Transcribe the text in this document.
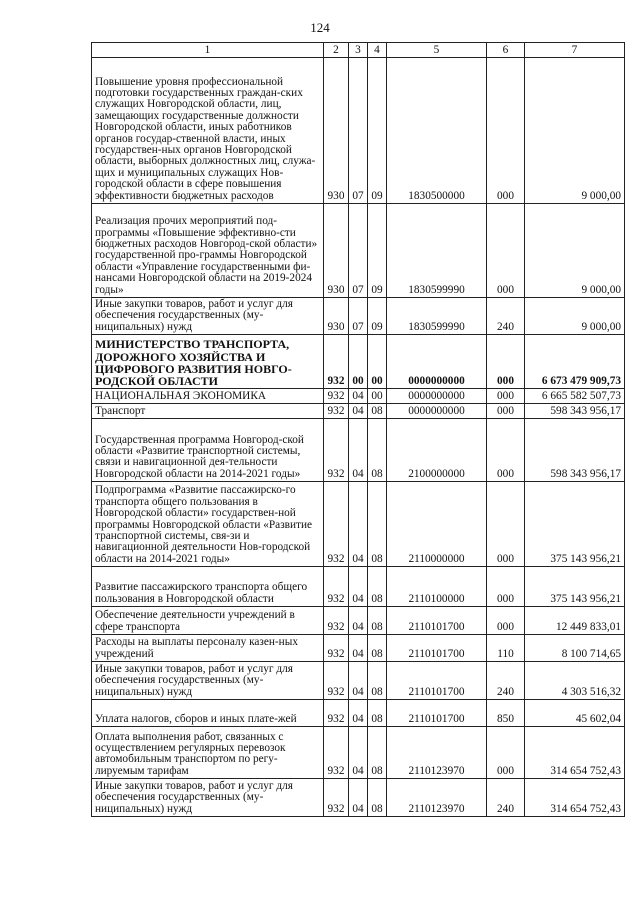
124
1	2	3	4	5	6	7
Повышение уровня профессиональной подготовки государственных граждан-ских служащих Новгородской области, лиц, замещающих государственные должности Новгородской области, иных работников органов государ-ственной власти, иных государствен-ных органов Новгородской области, выборных должностных лиц, служа-щих и муниципальных служащих Нов-городской области в сфере повышения эффективности бюджетных расходов	930	07	09	1830500000	000	9 000,00
Реализация прочих мероприятий под-программы «Повышение эффективно-сти бюджетных расходов Новгород-ской области» государственной про-граммы Новгородской области «Управление государственными фи-нансами Новгородской области на 2019-2024 годы»	930	07	09	1830599990	000	9 000,00
Иные закупки товаров, работ и услуг для обеспечения государственных (му-ниципальных) нужд	930	07	09	1830599990	240	9 000,00
МИНИСТЕРСТВО ТРАНСПОРТА, ДОРОЖНОГО ХОЗЯЙСТВА И ЦИФРОВОГО РАЗВИТИЯ НОВГО-РОДСКОЙ ОБЛАСТИ	932	00	00	0000000000	000	6 673 479 909,73
НАЦИОНАЛЬНАЯ ЭКОНОМИКА	932	04	00	0000000000	000	6 665 582 507,73
Транспорт	932	04	08	0000000000	000	598 343 956,17
Государственная программа Новгород-ской области «Развитие транспортной системы, связи и навигационной дея-тельности Новгородской области на 2014-2021 годы»	932	04	08	2100000000	000	598 343 956,17
Подпрограмма «Развитие пассажирско-го транспорта общего пользования в Новгородской области» государствен-ной программы Новгородской области «Развитие транспортной системы, свя-зи и навигационной деятельности Нов-городской области на 2014-2021 годы»	932	04	08	2110000000	000	375 143 956,21
Развитие пассажирского транспорта общего пользования в Новгородской области	932	04	08	2110100000	000	375 143 956,21
Обеспечение деятельности учреждений в сфере транспорта	932	04	08	2110101700	000	12 449 833,01
Расходы на выплаты персоналу казен-ных учреждений	932	04	08	2110101700	110	8 100 714,65
Иные закупки товаров, работ и услуг для обеспечения государственных (му-ниципальных) нужд	932	04	08	2110101700	240	4 303 516,32
Уплата налогов, сборов и иных плате-жей	932	04	08	2110101700	850	45 602,04
Оплата выполнения работ, связанных с осуществлением регулярных перевозок автомобильным транспортом по регу-лируемым тарифам	932	04	08	2110123970	000	314 654 752,43
Иные закупки товаров, работ и услуг для обеспечения государственных (му-ниципальных) нужд	932	04	08	2110123970	240	314 654 752,43
